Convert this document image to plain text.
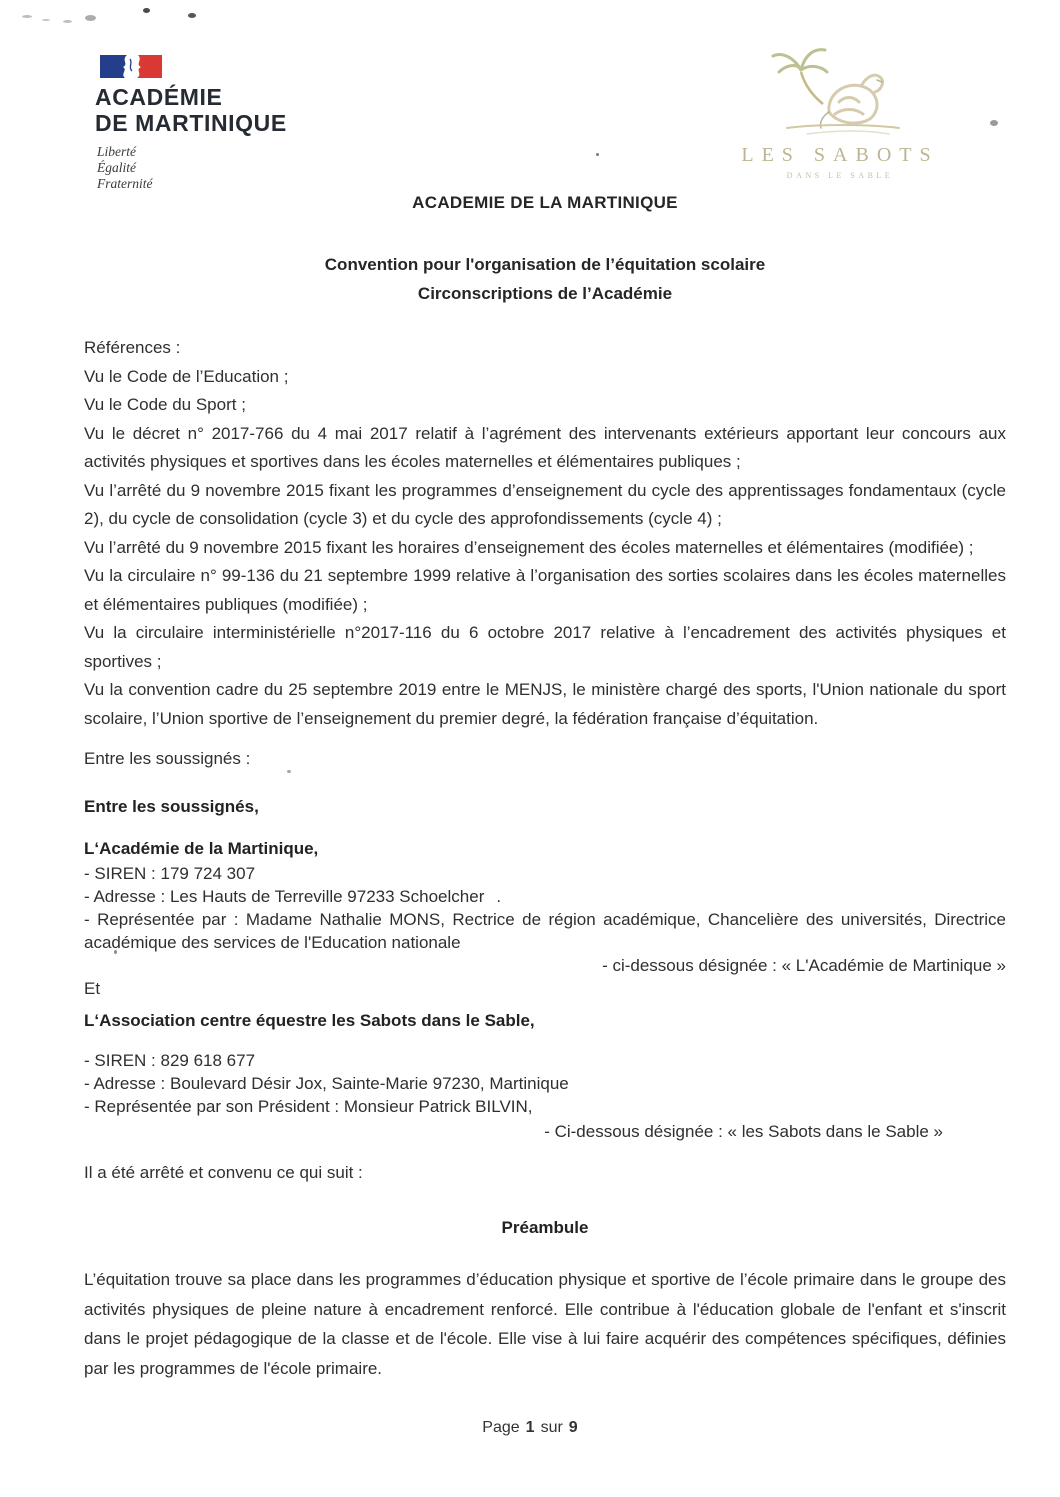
ACADÉMIE
DE MARTINIQUE
Liberté
Égalité
Fraternité
LES SABOTS
DANS LE SABLE

ACADEMIE DE LA MARTINIQUE

Convention pour l'organisation de l’équitation scolaire

Circonscriptions de l’Académie

Références :

Vu le Code de l’Education ;

Vu le Code du Sport ;

Vu le décret n° 2017-766 du 4 mai 2017 relatif à l’agrément des intervenants extérieurs apportant leur concours aux activités physiques et sportives dans les écoles maternelles et élémentaires publiques ;

Vu l’arrêté du 9 novembre 2015 fixant les programmes d’enseignement du cycle des apprentissages fondamentaux (cycle 2), du cycle de consolidation (cycle 3) et du cycle des approfondissements (cycle 4) ;

Vu l’arrêté du 9 novembre 2015 fixant les horaires d’enseignement des écoles maternelles et élémentaires (modifiée) ;

Vu la circulaire n° 99-136 du 21 septembre 1999 relative à l’organisation des sorties scolaires dans les écoles maternelles et élémentaires publiques (modifiée) ;

Vu la circulaire interministérielle n°2017-116 du 6 octobre 2017 relative à l’encadrement des activités physiques et sportives ;

Vu la convention cadre du 25 septembre 2019 entre le MENJS, le ministère chargé des sports, l'Union nationale du sport scolaire, l’Union sportive de l’enseignement du premier degré, la fédération française d’équitation.

Entre les soussignés :

Entre les soussignés,

L‘Académie de la Martinique,

- SIREN : 179 724 307

- Adresse : Les Hauts de Terreville 97233 Schoelcher .

- Représentée par : Madame Nathalie MONS, Rectrice de région académique, Chancelière des universités, Directrice académique des services de l'Education nationale

- ci-dessous désignée : « L'Académie de Martinique »

Et

L‘Association centre équestre les Sabots dans le Sable,

- SIREN : 829 618 677

- Adresse : Boulevard Désir Jox, Sainte-Marie 97230, Martinique

- Représentée par son Président : Monsieur Patrick BILVIN,

- Ci-dessous désignée : « les Sabots dans le Sable »

Il a été arrêté et convenu ce qui suit :

Préambule

L’équitation trouve sa place dans les programmes d’éducation physique et sportive de l’école primaire dans le groupe des activités physiques de pleine nature à encadrement renforcé. Elle contribue à l'éducation globale de l'enfant et s'inscrit dans le projet pédagogique de la classe et de l'école. Elle vise à lui faire acquérir des compétences spécifiques, définies par les programmes de l'école primaire.

Page 1 sur 9
